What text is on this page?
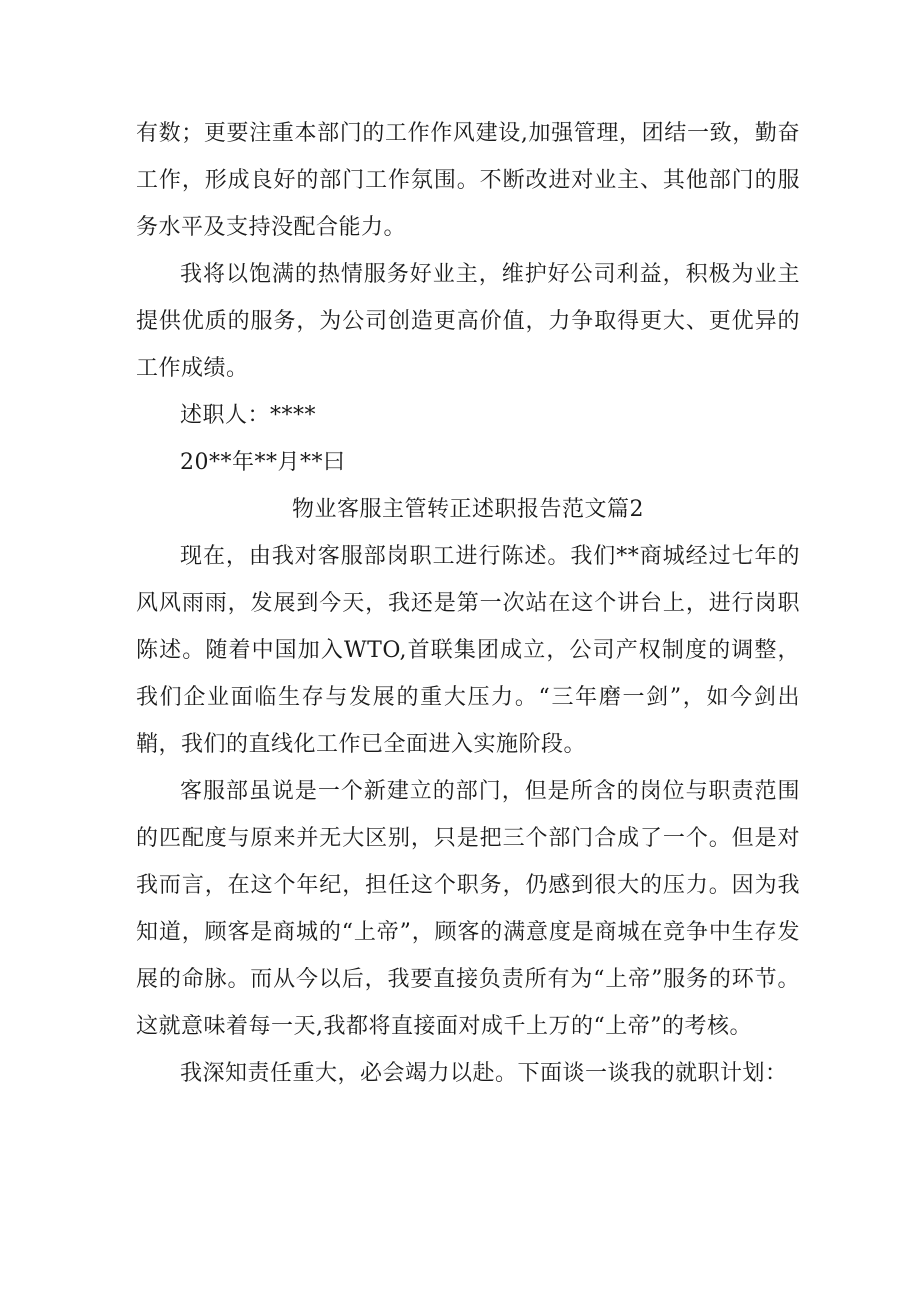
有数；更要注重本部门的工作作风建设,加强管理，团结一致，勤奋工作，形成良好的部门工作氛围。不断改进对业主、其他部门的服务水平及支持没配合能力。

我将以饱满的热情服务好业主，维护好公司利益，积极为业主提供优质的服务，为公司创造更高价值，力争取得更大、更优异的工作成绩。

述职人：****

20**年**月**曰

物业客服主管转正述职报告范文篇2

现在，由我对客服部岗职工进行陈述。我们**商城经过七年的风风雨雨，发展到今天，我还是第一次站在这个讲台上，进行岗职陈述。随着中国加入WTO,首联集团成立，公司产权制度的调整，我们企业面临生存与发展的重大压力。“三年磨一剑”，如今剑出鞘，我们的直线化工作已全面进入实施阶段。

客服部虽说是一个新建立的部门，但是所含的岗位与职责范围的匹配度与原来并无大区别，只是把三个部门合成了一个。但是对我而言，在这个年纪，担任这个职务，仍感到很大的压力。因为我知道，顾客是商城的“上帝”，顾客的满意度是商城在竞争中生存发展的命脉。而从今以后，我要直接负责所有为“上帝”服务的环节。这就意味着每一天,我都将直接面对成千上万的“上帝”的考核。

我深知责任重大，必会竭力以赴。下面谈一谈我的就职计划：
